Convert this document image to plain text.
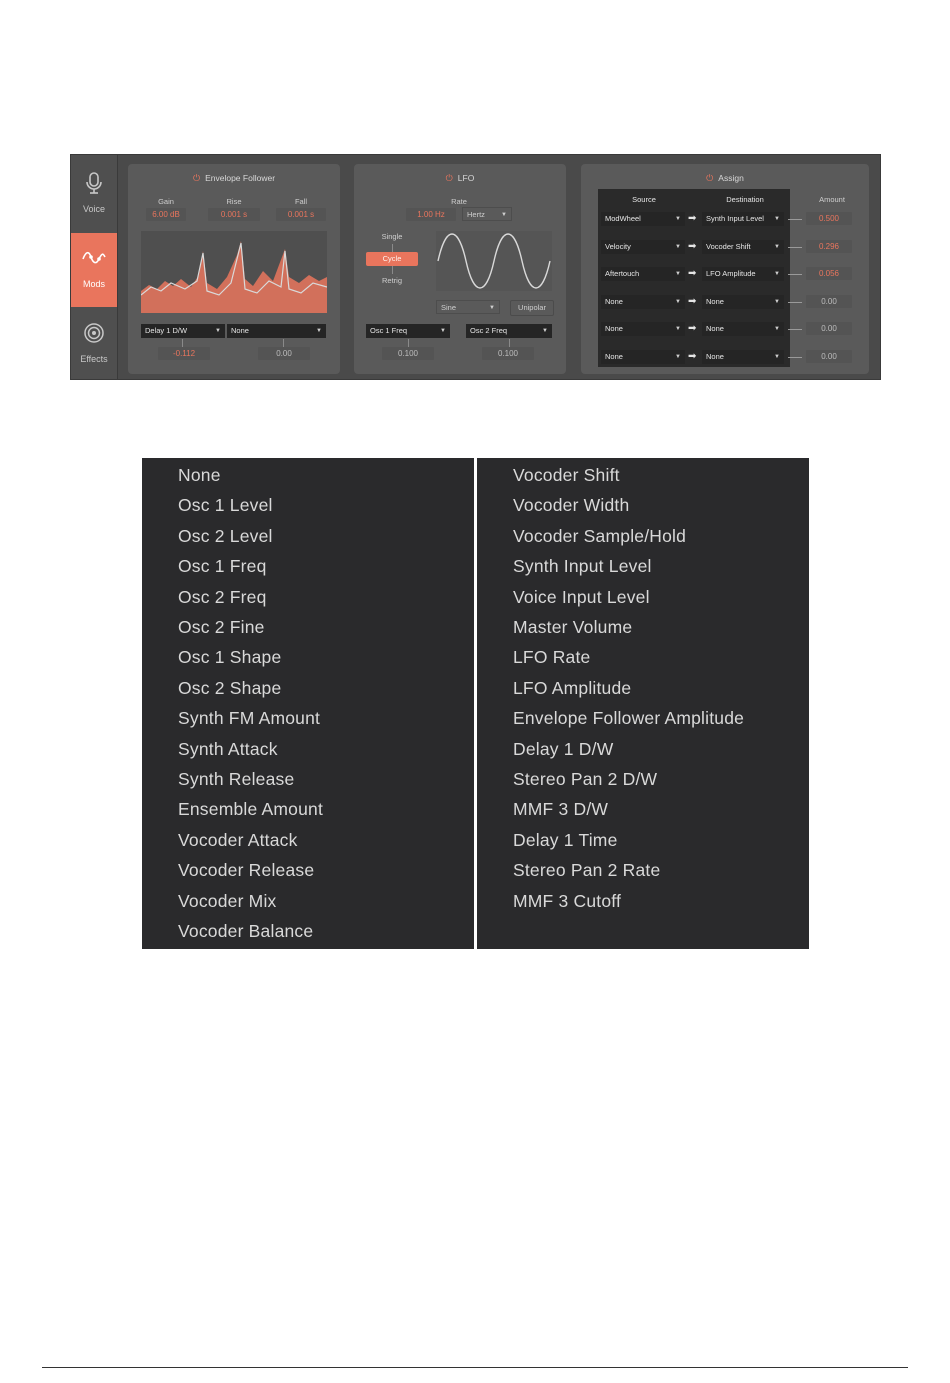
Voice
Mods
Effects
⏻ Envelope Follower
Gain
6.00 dB
Rise
0.001 s
Fall
0.001 s
Delay 1 D/W	▼	None	▼
-0.112	0.00
⏻ LFO
Rate
1.00 Hz	Hertz	▼
Single
Cycle
Retrig
Sine	▼	Unipolar
Osc 1 Freq	▼	Osc 2 Freq	▼
0.100	0.100
⏻ Assign
Source	Destination	Amount
ModWheel	▼ ➡	Synth Input Level ▼	0.500
Velocity	▼ ➡	Vocoder Shift	▼	0.296
Aftertouch	▼ ➡	LFO Amplitude	▼	0.056
None	▼ ➡	None	▼	0.00
None	▼ ➡	None	▼	0.00
None	▼ ➡	None	▼	0.00
None
Osc 1 Level
Osc 2 Level
Osc 1 Freq
Osc 2 Freq
Osc 2 Fine
Osc 1 Shape
Osc 2 Shape
Synth FM Amount
Synth Attack
Synth Release
Ensemble Amount
Vocoder Attack
Vocoder Release
Vocoder Mix
Vocoder Balance
Vocoder Shift
Vocoder Width
Vocoder Sample/Hold
Synth Input Level
Voice Input Level
Master Volume
LFO Rate
LFO Amplitude
Envelope Follower Amplitude
Delay 1 D/W
Stereo Pan 2 D/W
MMF 3 D/W
Delay 1 Time
Stereo Pan 2 Rate
MMF 3 Cutoff
